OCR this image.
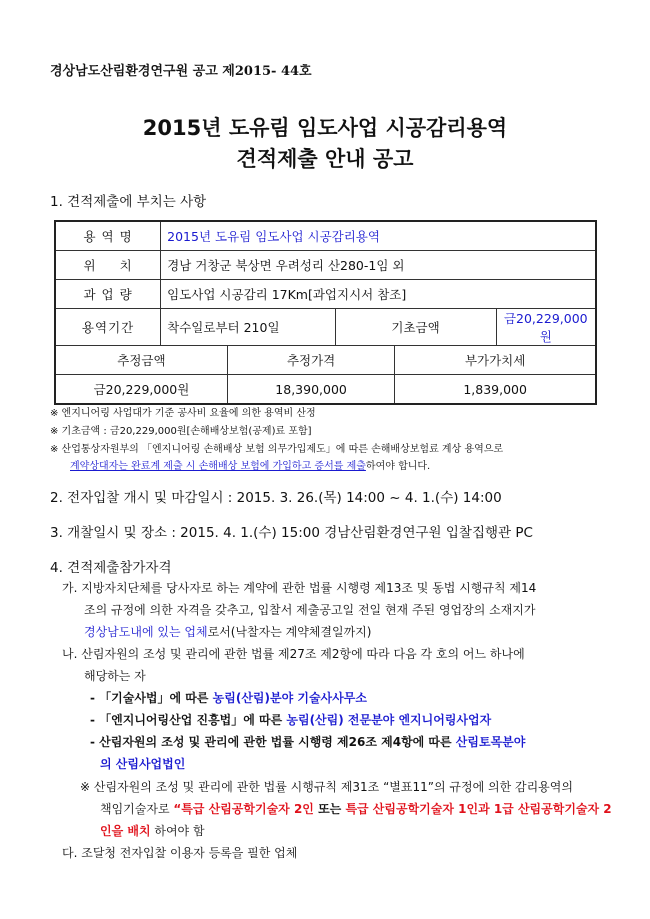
경상남도산림환경연구원 공고 제2015- 44호
2015년 도유림 임도사업 시공감리용역
견적제출 안내 공고
1. 견적제출에 부치는 사항
용 역 명	2015년 도유림 임도사업 시공감리용역				
위 치	경남 거창군 북상면 우려성리 산280-1임 외				
과 업 량	임도사업 시공감리 17Km[과업지시서 참조]				
용역기간	착수일로부터 210일		기초금액		금20,229,000원
추정금액		추정가격		부가가치세	
금20,229,000원		18,390,000		1,839,000	
※ 엔지니어링 사업대가 기준 공사비 요율에 의한 용역비 산정
※ 기초금액 : 금20,229,000원[손해배상보험(공제)료 포함]
※ 산업통상자원부의 「엔지니어링 손해배상 보험 의무가입제도」에 따른 손해배상보험료 계상 용역으로
계약상대자는 완료계 제출 시 손해배상 보험에 가입하고 증서를 제출하여야 합니다.
2. 전자입찰 개시 및 마감일시 : 2015. 3. 26.(목) 14:00 ~ 4. 1.(수) 14:00
3. 개찰일시 및 장소 : 2015. 4. 1.(수) 15:00 경남산림환경연구원 입찰집행관 PC
4. 견적제출참가자격
가. 지방자치단체를 당사자로 하는 계약에 관한 법률 시행령 제13조 및 동법 시행규칙 제14
조의 규정에 의한 자격을 갖추고, 입찰서 제출공고일 전일 현재 주된 영업장의 소재지가
경상남도내에 있는 업체로서(낙찰자는 계약체결일까지)
나. 산림자원의 조성 및 관리에 관한 법률 제27조 제2항에 따라 다음 각 호의 어느 하나에
해당하는 자
- 「기술사법」에 따른 농림(산림)분야 기술사사무소
- 「엔지니어링산업 진흥법」에 따른 농림(산림) 전문분야 엔지니어링사업자
- 산림자원의 조성 및 관리에 관한 법률 시행령 제26조 제4항에 따른 산림토목분야
의 산림사업법인
※ 산림자원의 조성 및 관리에 관한 법률 시행규칙 제31조 “별표11”의 규정에 의한 감리용역의
책임기술자로 “특급 산림공학기술자 2인 또는 특급 산림공학기술자 1인과 1급 산림공학기술자 2
인을 배치 하여야 함
다. 조달청 전자입찰 이용자 등록을 필한 업체
